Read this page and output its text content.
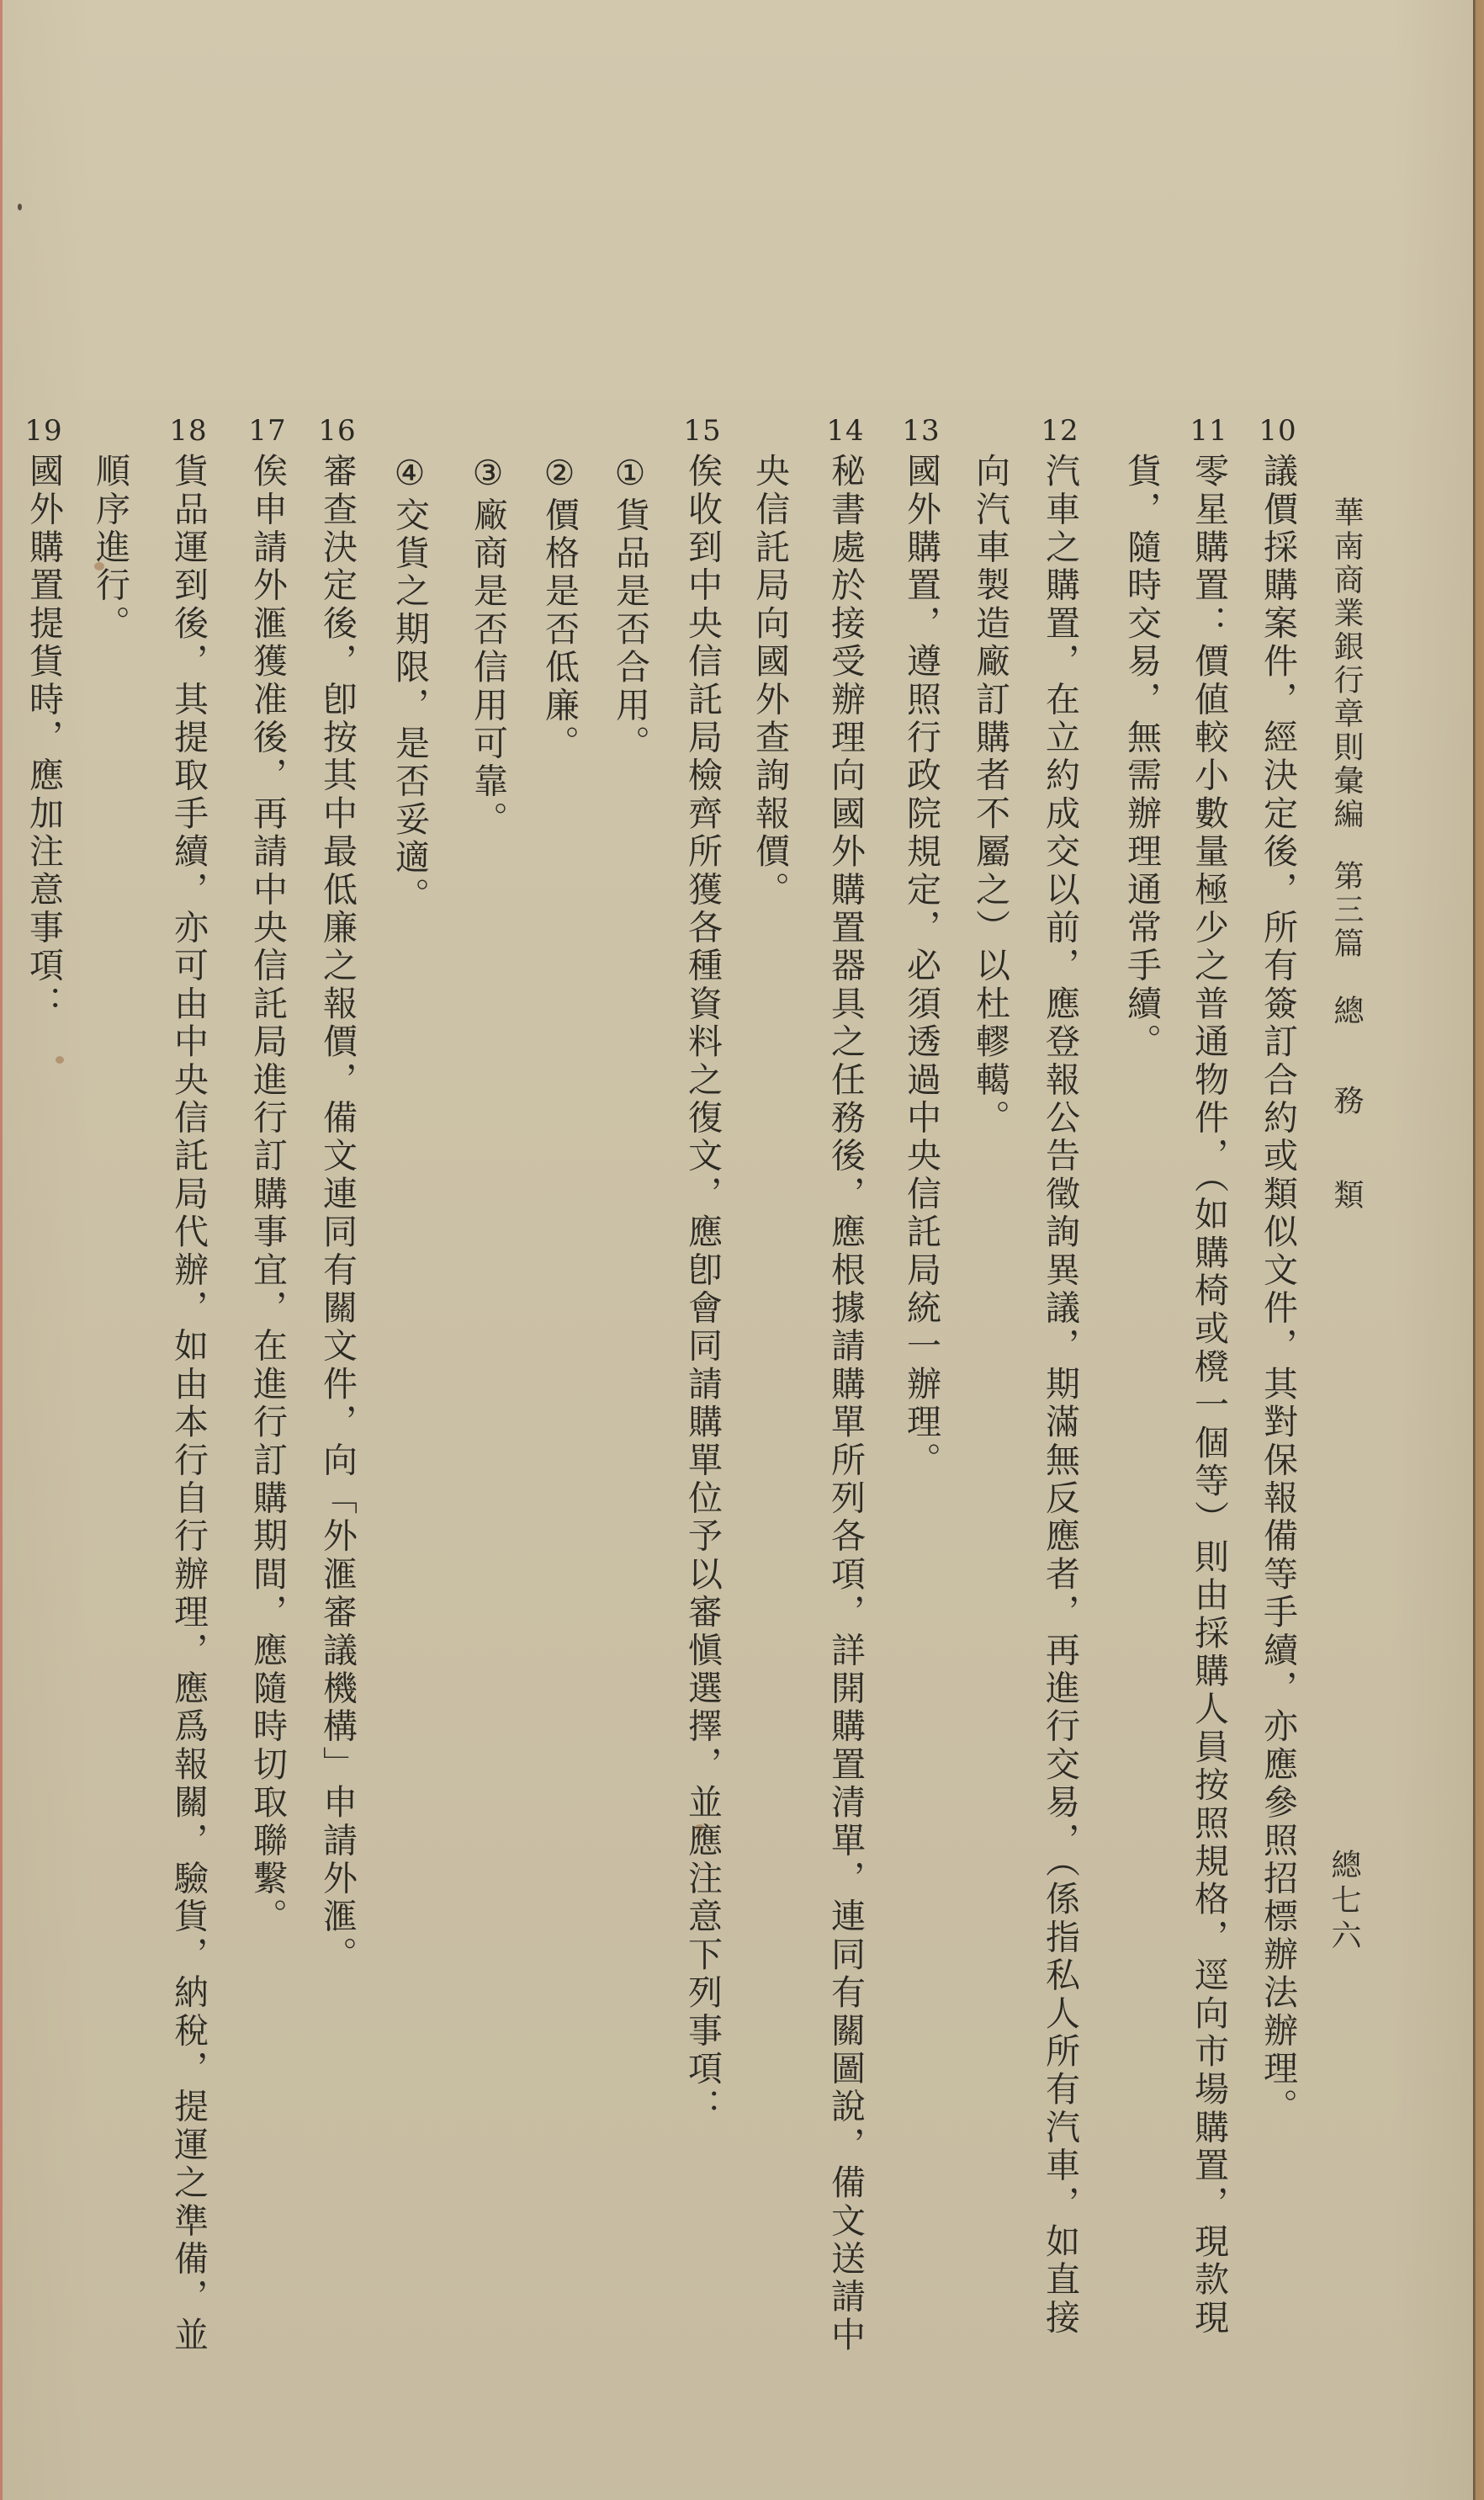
華南商業銀行章則彙編
第三篇
總
務
類
總七六
10
議價採購案件，經決定後，所有簽訂合約或類似文件，其對保報備等手續，亦應參照招標辦法辦理。
11
零星購置：價値較小數量極少之普通物件，（如購椅或櫈一個等）則由採購人員按照規格，逕向市場購置，現款現
貨，隨時交易，無需辦理通常手續。
12
汽車之購置，在立約成交以前，應登報公告徵詢異議，期滿無反應者，再進行交易，（係指私人所有汽車，如直接
向汽車製造廠訂購者不屬之）以杜轇轕。
13
國外購置，遵照行政院規定，必須透過中央信託局統一辦理。
14
秘書處於接受辦理向國外購置器具之任務後，應根據請購單所列各項，詳開購置清單，連同有關圖說，備文送請中
央信託局向國外查詢報價。
15
俟收到中央信託局檢齊所獲各種資料之復文，應卽會同請購單位予以審愼選擇，並應注意下列事項：
①貨品是否合用。
②價格是否低廉。
③廠商是否信用可靠。
④交貨之期限，是否妥適。
16
審查決定後，卽按其中最低廉之報價，備文連同有關文件，向「外滙審議機構」申請外滙。
17
俟申請外滙獲准後，再請中央信託局進行訂購事宜，在進行訂購期間，應隨時切取聯繫。
18
貨品運到後，其提取手續，亦可由中央信託局代辦，如由本行自行辦理，應爲報關，驗貨，納稅，提運之準備，並
順序進行。
19
國外購置提貨時，應加注意事項：
